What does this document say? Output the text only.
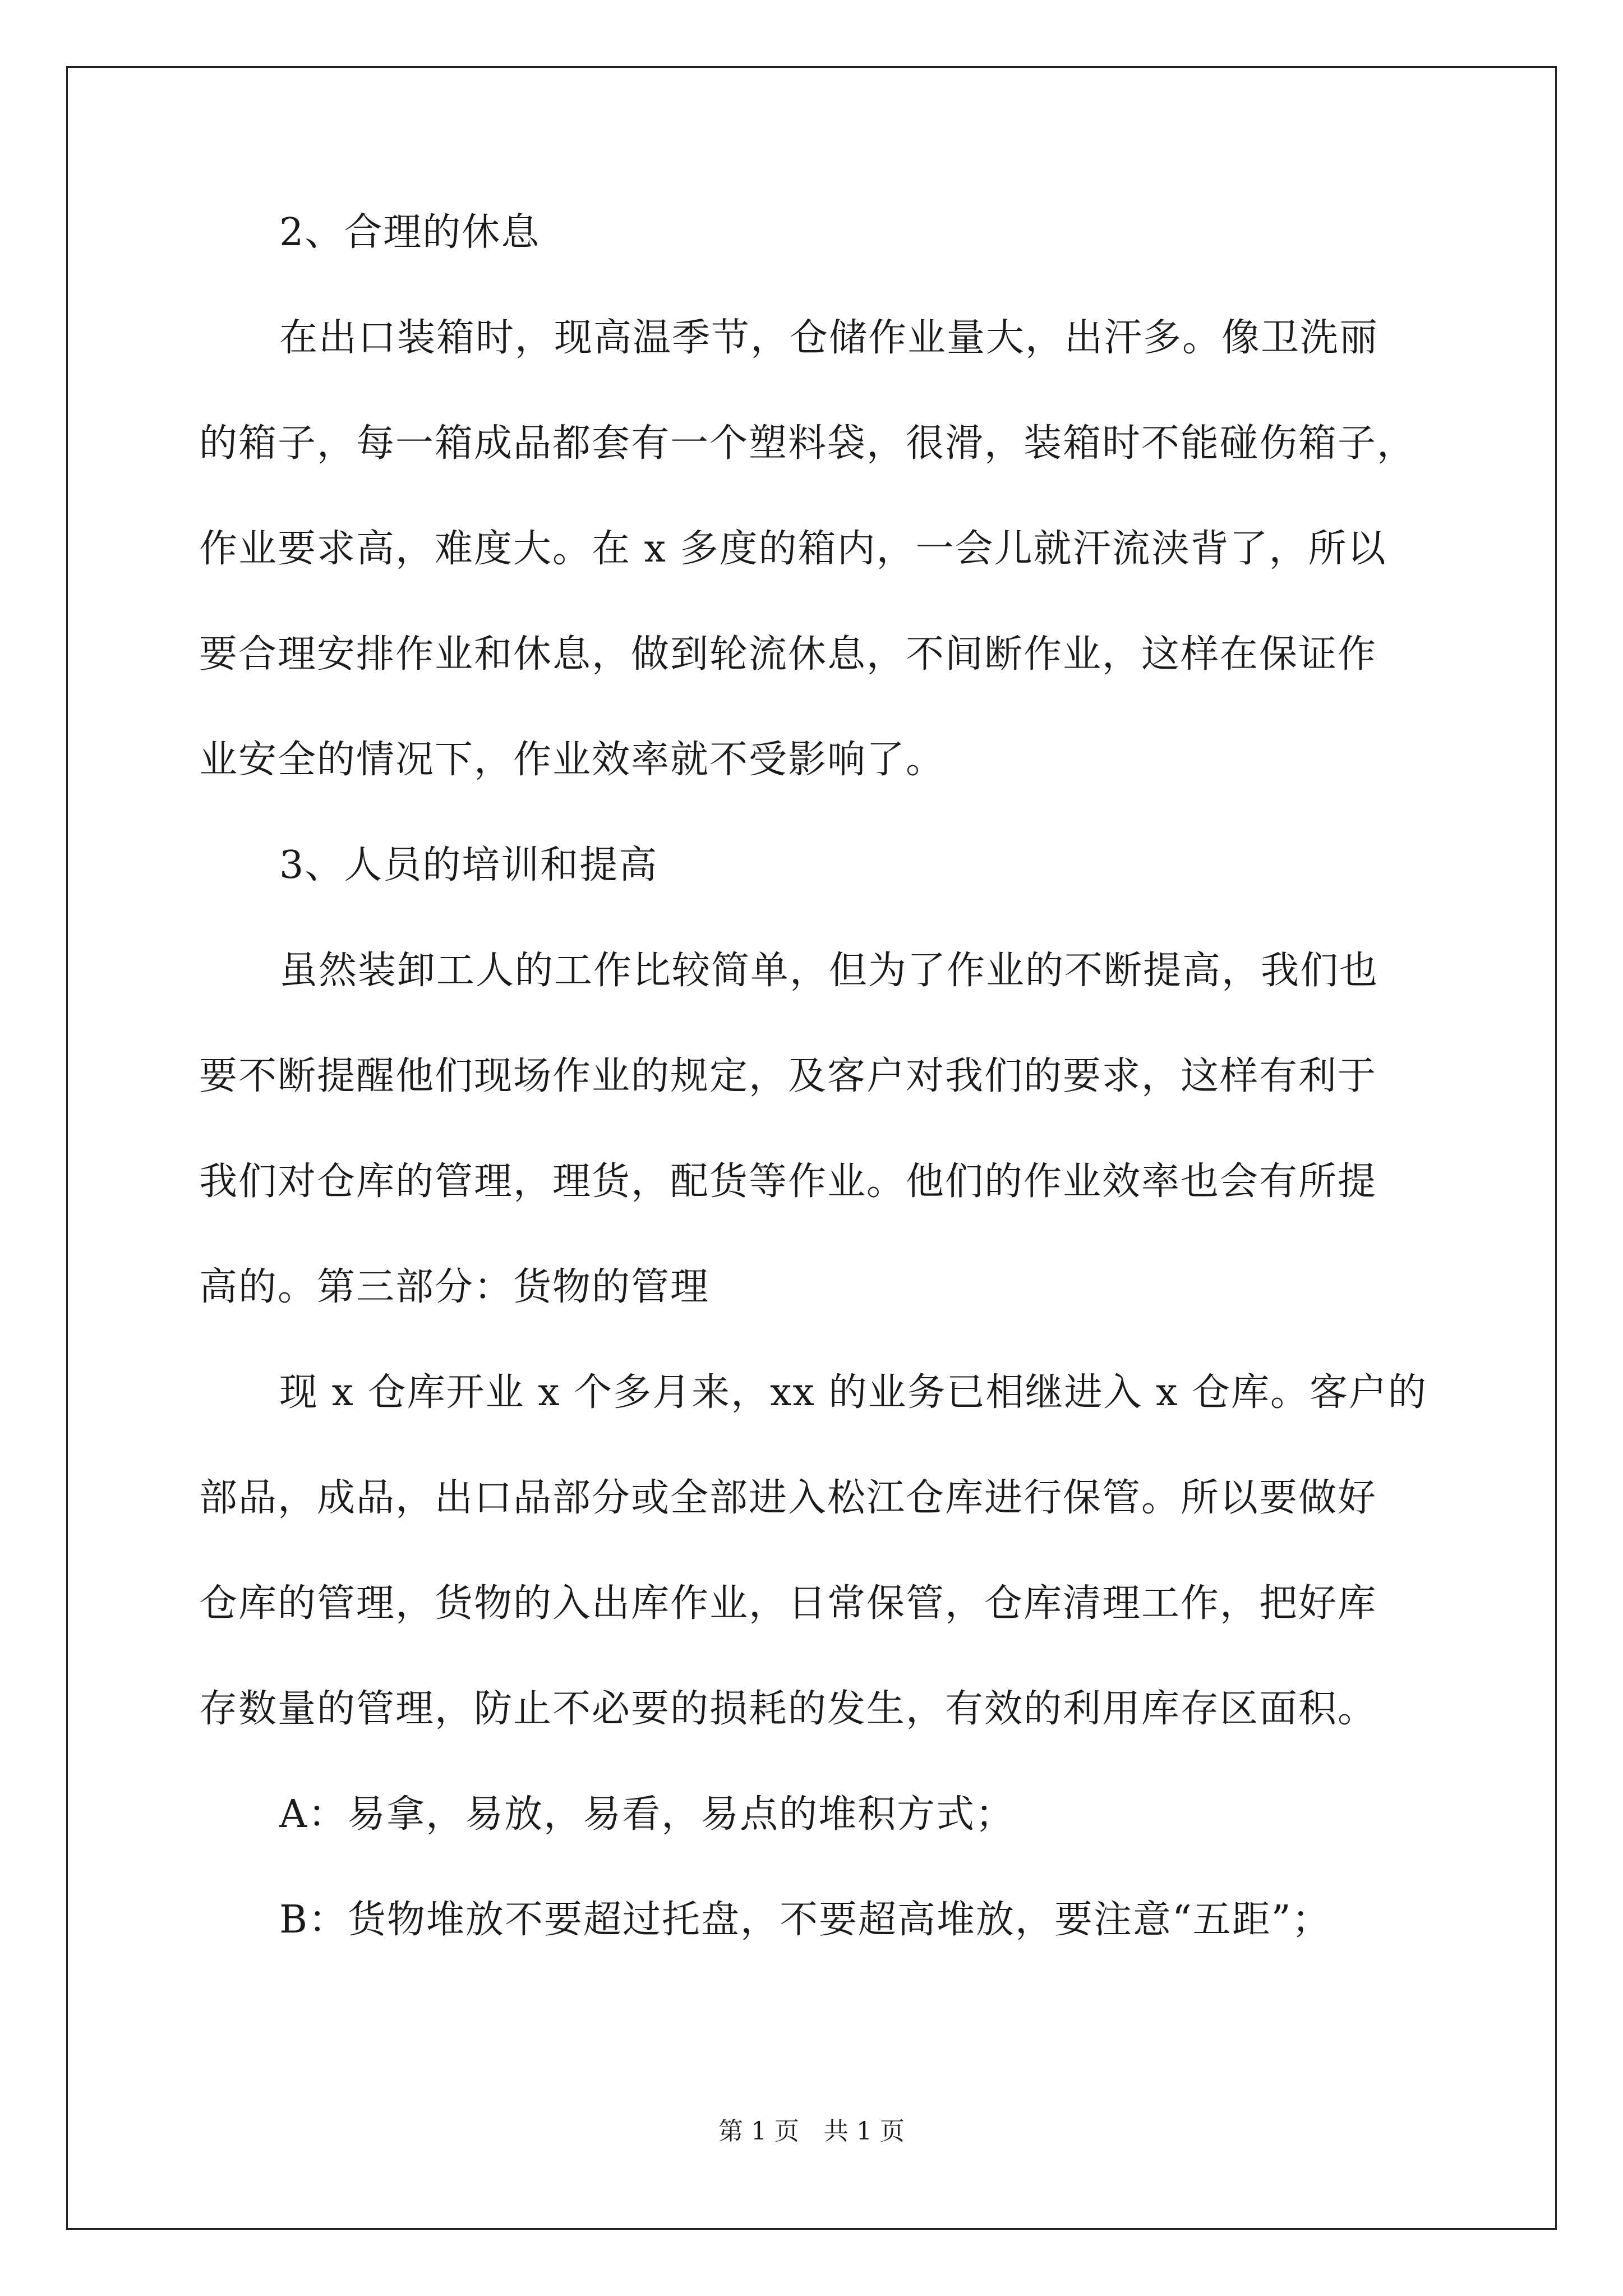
2、合理的休息
在出口装箱时，现高温季节，仓储作业量大，出汗多。像卫洗丽
的箱子，每一箱成品都套有一个塑料袋，很滑，装箱时不能碰伤箱子，
作业要求高，难度大。在 x 多度的箱内，一会儿就汗流浃背了，所以
要合理安排作业和休息，做到轮流休息，不间断作业，这样在保证作
业安全的情况下，作业效率就不受影响了。
3、人员的培训和提高
虽然装卸工人的工作比较简单，但为了作业的不断提高，我们也
要不断提醒他们现场作业的规定，及客户对我们的要求，这样有利于
我们对仓库的管理，理货，配货等作业。他们的作业效率也会有所提
高的。第三部分：货物的管理
现 x 仓库开业 x 个多月来，xx 的业务已相继进入 x 仓库。客户的
部品，成品，出口品部分或全部进入松江仓库进行保管。所以要做好
仓库的管理，货物的入出库作业，日常保管，仓库清理工作，把好库
存数量的管理，防止不必要的损耗的发生，有效的利用库存区面积。
A：易拿，易放，易看，易点的堆积方式；
B：货物堆放不要超过托盘，不要超高堆放，要注意“五距”；
第 1 页　共 1 页
